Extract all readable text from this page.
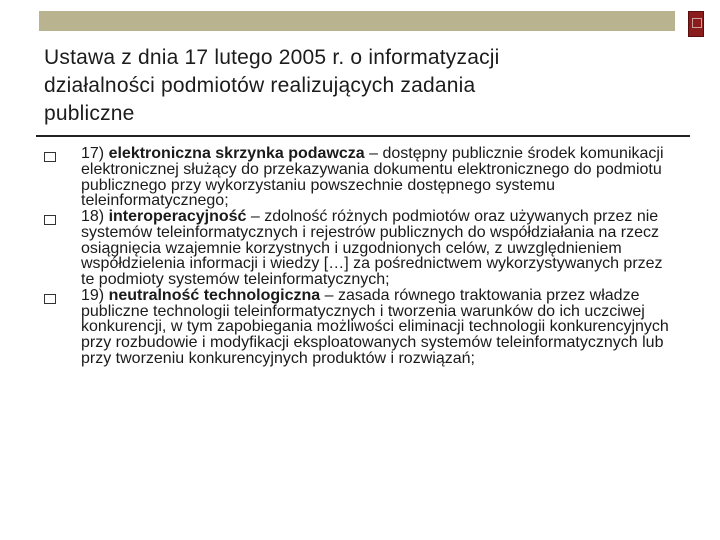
Ustawa z dnia 17 lutego 2005 r. o informatyzacji
działalności podmiotów realizujących zadania
publiczne
17) elektroniczna skrzynka podawcza – dostępny publicznie środek komunikacji elektronicznej służący do przekazywania dokumentu elektronicznego do podmiotu publicznego przy wykorzystaniu powszechnie dostępnego systemu teleinformatycznego;
18) interoperacyjność – zdolność różnych podmiotów oraz używanych przez nie systemów teleinformatycznych i rejestrów publicznych do współdziałania na rzecz osiągnięcia wzajemnie korzystnych i uzgodnionych celów, z uwzględnieniem współdzielenia informacji i wiedzy […] za pośrednictwem wykorzystywanych przez te podmioty systemów teleinformatycznych;
19) neutralność technologiczna – zasada równego traktowania przez władze publiczne technologii teleinformatycznych i tworzenia warunków do ich uczciwej konkurencji, w tym zapobiegania możliwości eliminacji technologii konkurencyjnych przy rozbudowie i modyfikacji eksploatowanych systemów teleinformatycznych lub przy tworzeniu konkurencyjnych produktów i rozwiązań;
